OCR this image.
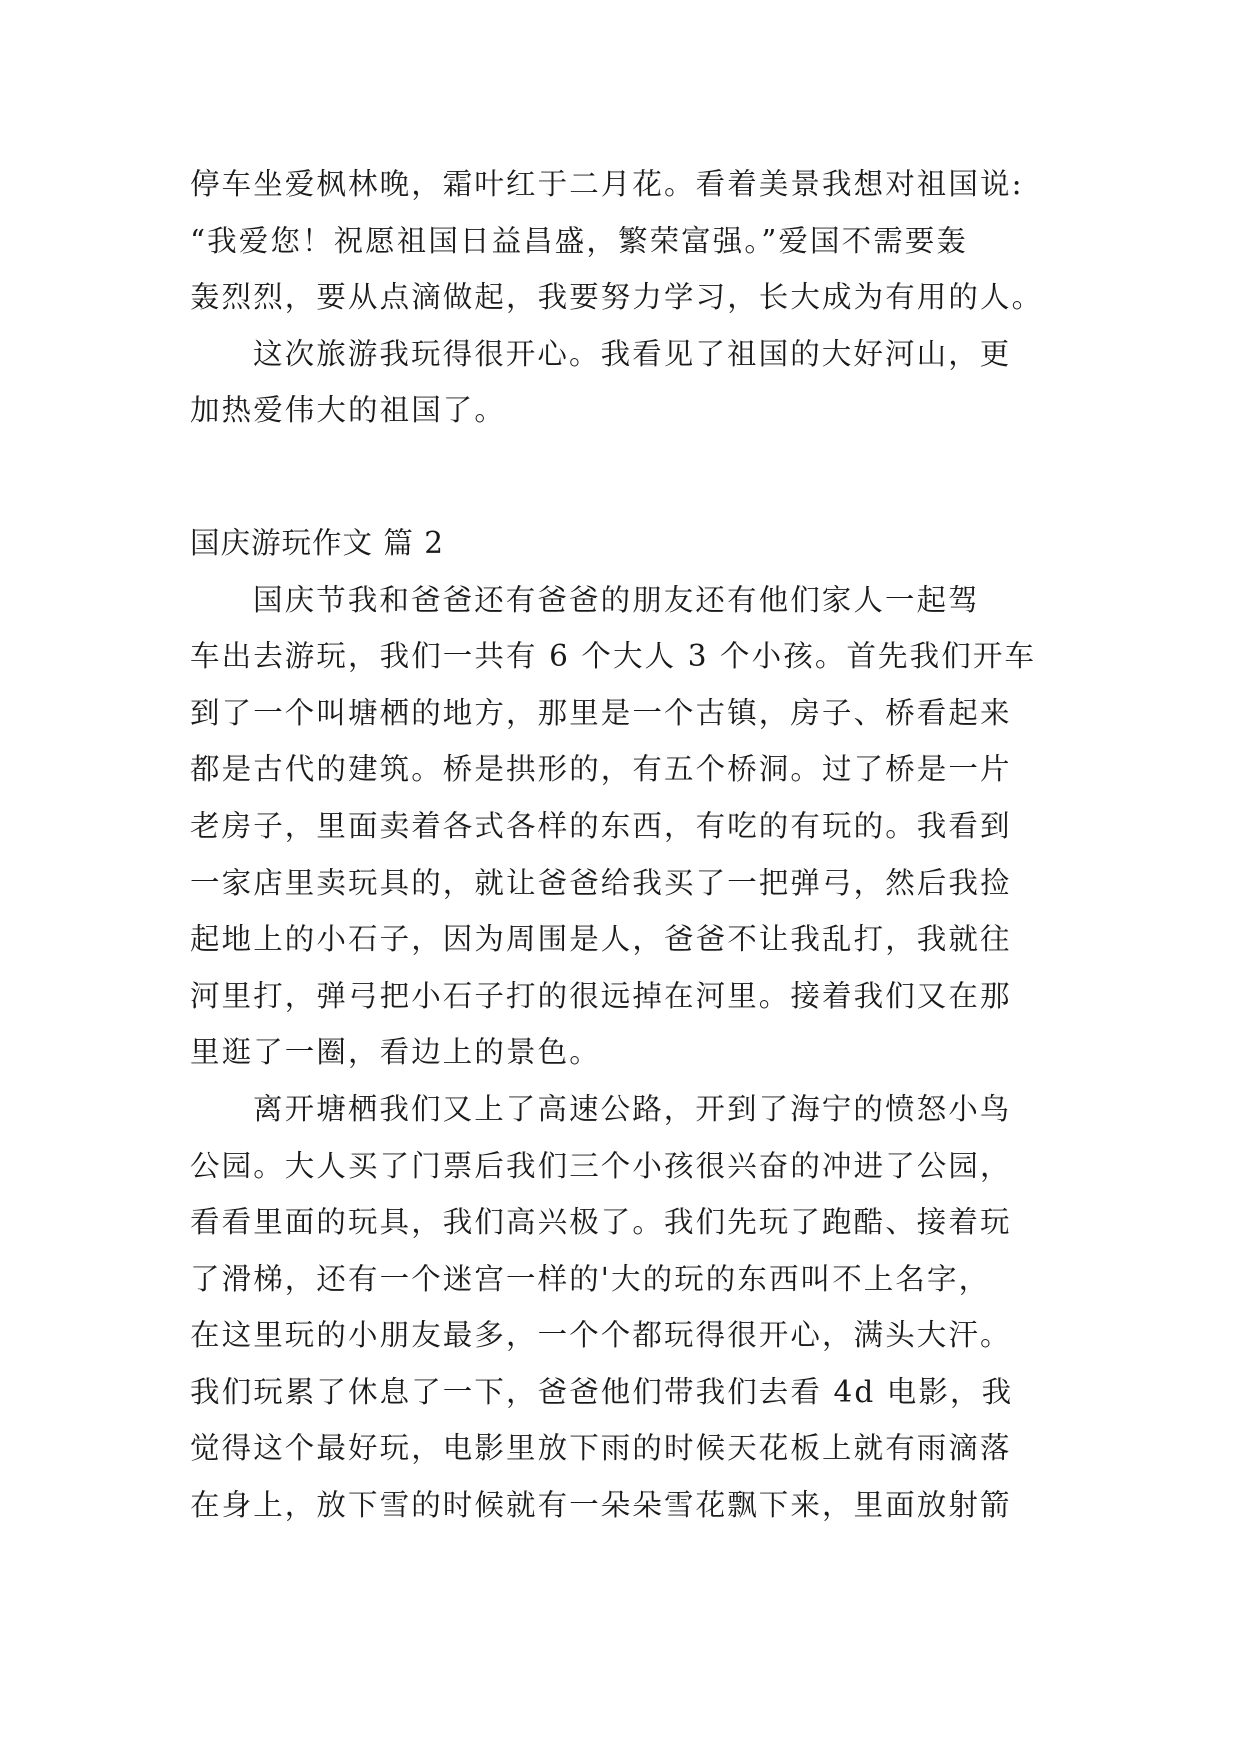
停车坐爱枫林晚，霜叶红于二月花。看着美景我想对祖国说:
“我爱您！祝愿祖国日益昌盛，繁荣富强。”爱国不需要轰
轰烈烈，要从点滴做起，我要努力学习，长大成为有用的人。
这次旅游我玩得很开心。我看见了祖国的大好河山，更
加热爱伟大的祖国了。
国庆游玩作文 篇 2
国庆节我和爸爸还有爸爸的朋友还有他们家人一起驾
车出去游玩，我们一共有 6 个大人 3 个小孩。首先我们开车
到了一个叫塘栖的地方，那里是一个古镇，房子、桥看起来
都是古代的建筑。桥是拱形的，有五个桥洞。过了桥是一片
老房子，里面卖着各式各样的东西，有吃的有玩的。我看到
一家店里卖玩具的，就让爸爸给我买了一把弹弓，然后我捡
起地上的小石子，因为周围是人，爸爸不让我乱打，我就往
河里打，弹弓把小石子打的很远掉在河里。接着我们又在那
里逛了一圈，看边上的景色。
离开塘栖我们又上了高速公路，开到了海宁的愤怒小鸟
公园。大人买了门票后我们三个小孩很兴奋的冲进了公园，
看看里面的玩具，我们高兴极了。我们先玩了跑酷、接着玩
了滑梯，还有一个迷宫一样的'大的玩的东西叫不上名字，
在这里玩的小朋友最多，一个个都玩得很开心，满头大汗。
我们玩累了休息了一下，爸爸他们带我们去看 4d 电影，我
觉得这个最好玩，电影里放下雨的时候天花板上就有雨滴落
在身上，放下雪的时候就有一朵朵雪花飘下来，里面放射箭
